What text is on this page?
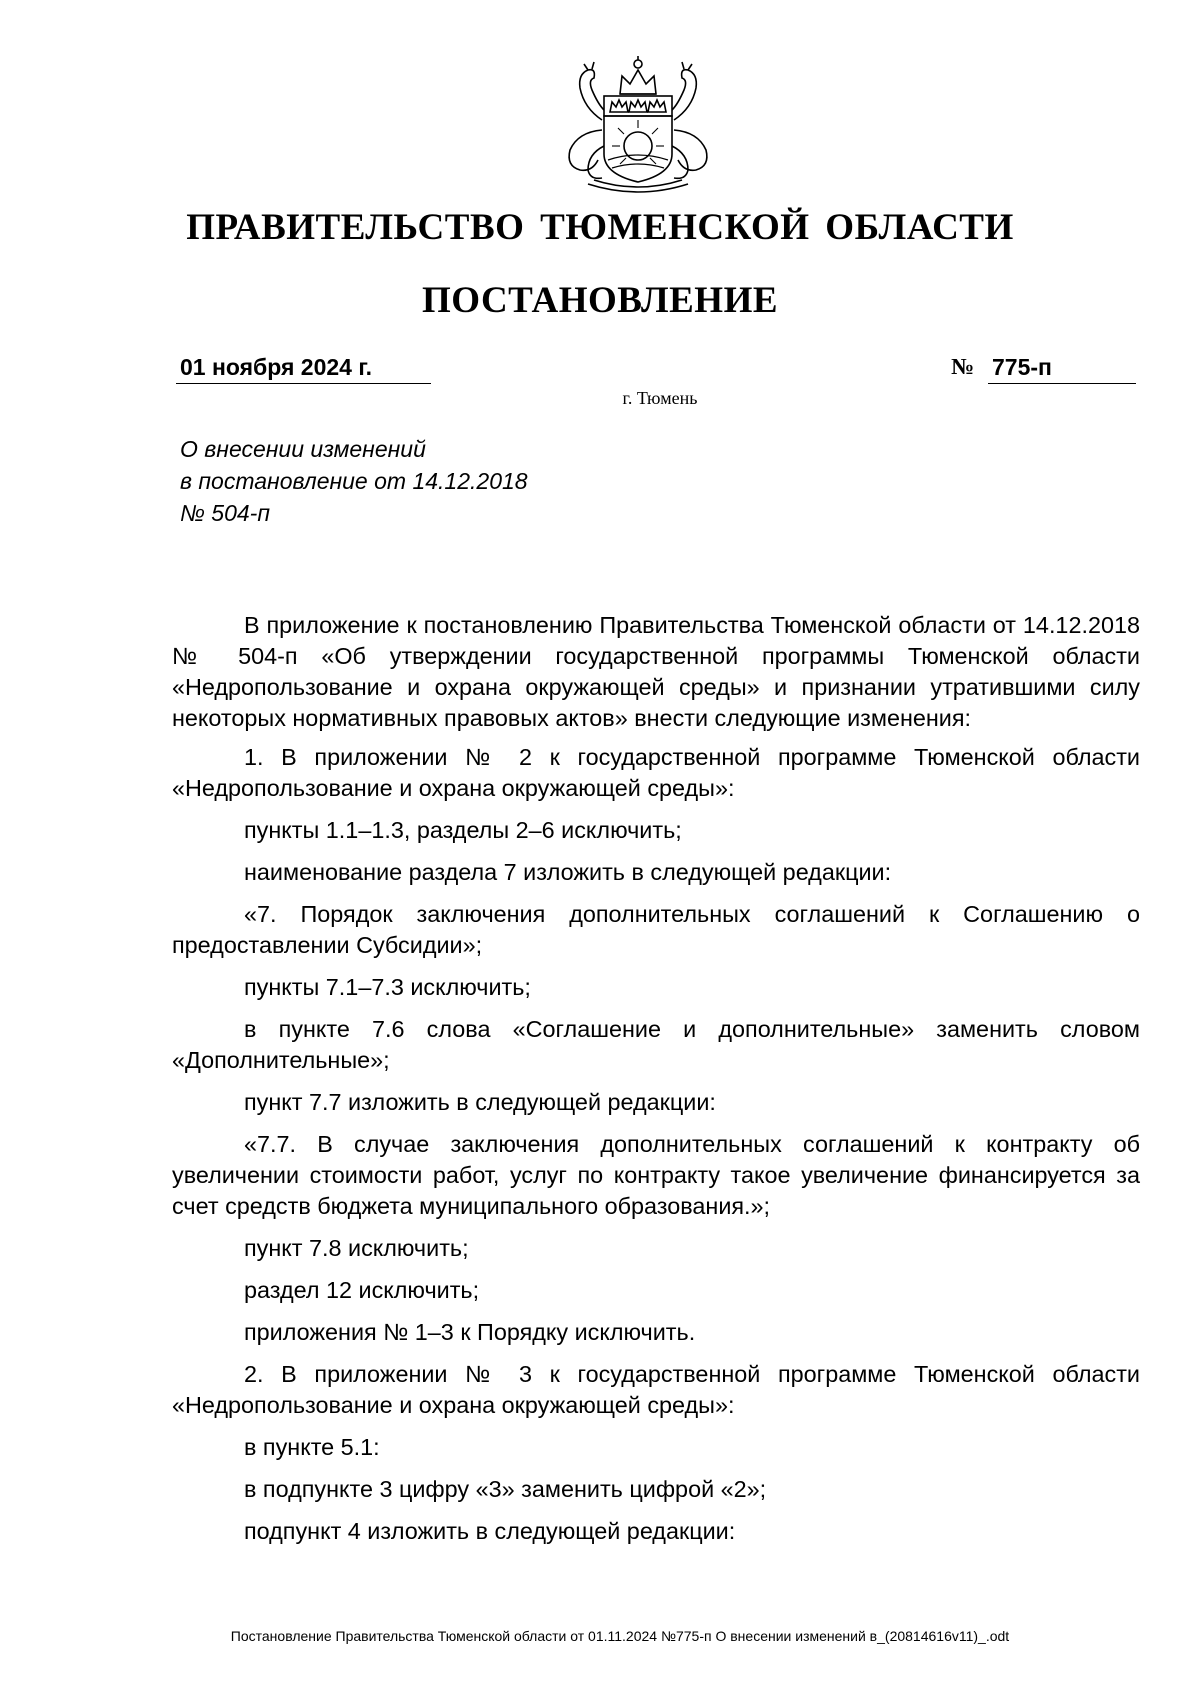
ПРАВИТЕЛЬСТВО ТЮМЕНСКОЙ ОБЛАСТИ
ПОСТАНОВЛЕНИЕ
01 ноября 2024 г.	№ 775-п
г. Тюмень
О внесении изменений
в постановление от 14.12.2018
№ 504-п

В приложение к постановлению Правительства Тюменской области от 14.12.2018 № 504-п «Об утверждении государственной программы Тюменской области «Недропользование и охрана окружающей среды» и признании утратившими силу некоторых нормативных правовых актов» внести следующие изменения:

1. В приложении № 2 к государственной программе Тюменской области «Недропользование и охрана окружающей среды»:

пункты 1.1–1.3, разделы 2–6 исключить;

наименование раздела 7 изложить в следующей редакции:

«7. Порядок заключения дополнительных соглашений к Соглашению о предоставлении Субсидии»;

пункты 7.1–7.3 исключить;

в пункте 7.6 слова «Соглашение и дополнительные» заменить словом «Дополнительные»;

пункт 7.7 изложить в следующей редакции:

«7.7. В случае заключения дополнительных соглашений к контракту об увеличении стоимости работ, услуг по контракту такое увеличение финансируется за счет средств бюджета муниципального образования.»;

пункт 7.8 исключить;

раздел 12 исключить;

приложения № 1–3 к Порядку исключить.

2. В приложении № 3 к государственной программе Тюменской области «Недропользование и охрана окружающей среды»:

в пункте 5.1:

в подпункте 3 цифру «3» заменить цифрой «2»;

подпункт 4 изложить в следующей редакции:

Постановление Правительства Тюменской области от 01.11.2024 №775-п О внесении изменений в_(20814616v11)_.odt
